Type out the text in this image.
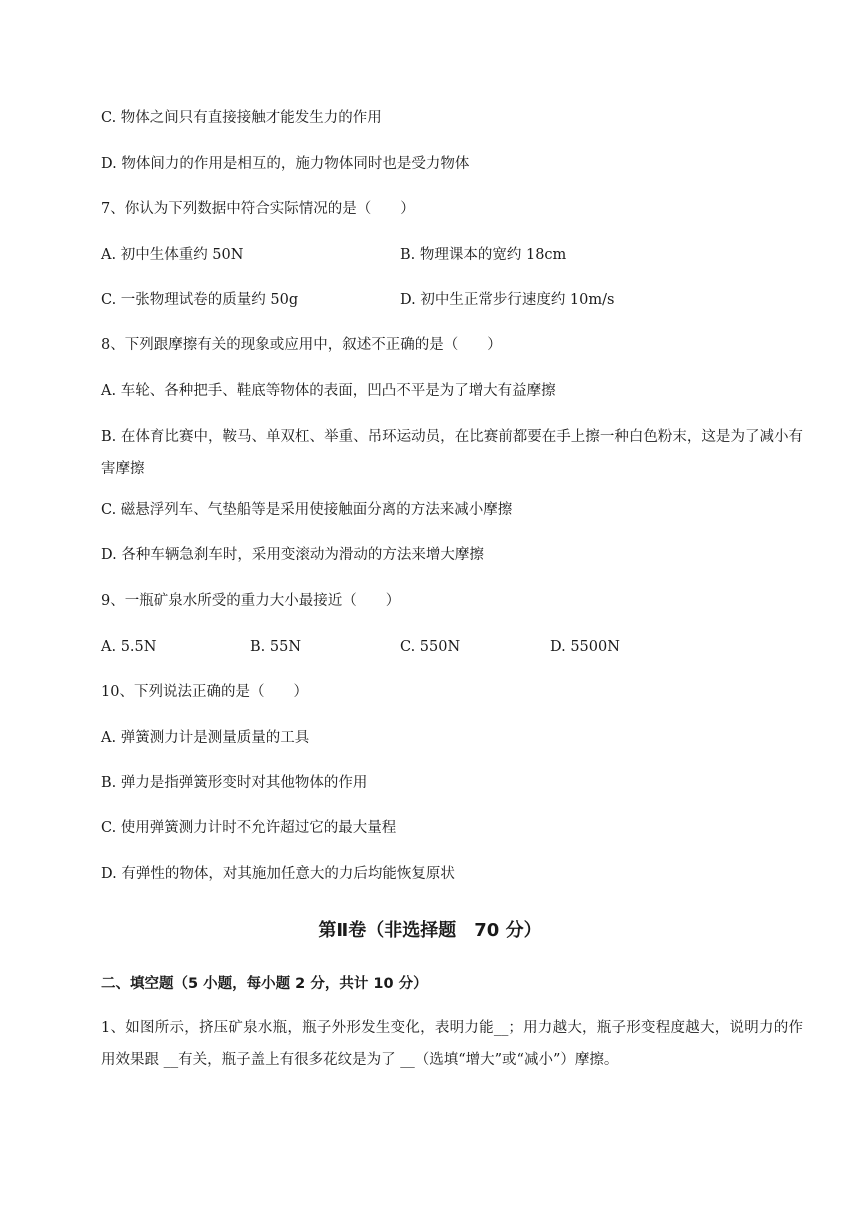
C. 物体之间只有直接接触才能发生力的作用
D. 物体间力的作用是相互的，施力物体同时也是受力物体
7、你认为下列数据中符合实际情况的是（　　）
A. 初中生体重约 50N	B. 物理课本的宽约 18cm
C. 一张物理试卷的质量约 50g	D. 初中生正常步行速度约 10m/s
8、下列跟摩擦有关的现象或应用中，叙述不正确的是（　　）
A. 车轮、各种把手、鞋底等物体的表面，凹凸不平是为了增大有益摩擦
B. 在体育比赛中，鞍马、单双杠、举重、吊环运动员，在比赛前都要在手上擦一种白色粉末，这是为了减小有害摩擦
C. 磁悬浮列车、气垫船等是采用使接触面分离的方法来减小摩擦
D. 各种车辆急刹车时，采用变滚动为滑动的方法来增大摩擦
9、一瓶矿泉水所受的重力大小最接近（　　）
A. 5.5N	B. 55N	C. 550N	D. 5500N
10、下列说法正确的是（　　）
A. 弹簧测力计是测量质量的工具
B. 弹力是指弹簧形变时对其他物体的作用
C. 使用弹簧测力计时不允许超过它的最大量程
D. 有弹性的物体，对其施加任意大的力后均能恢复原状
第Ⅱ卷（非选择题　70 分）
二、填空题（5 小题，每小题 2 分，共计 10 分）
1、如图所示，挤压矿泉水瓶，瓶子外形发生变化，表明力能__；用力越大，瓶子形变程度越大，说明力的作用效果跟 __有关，瓶子盖上有很多花纹是为了 __（选填“增大”或“减小”）摩擦。
